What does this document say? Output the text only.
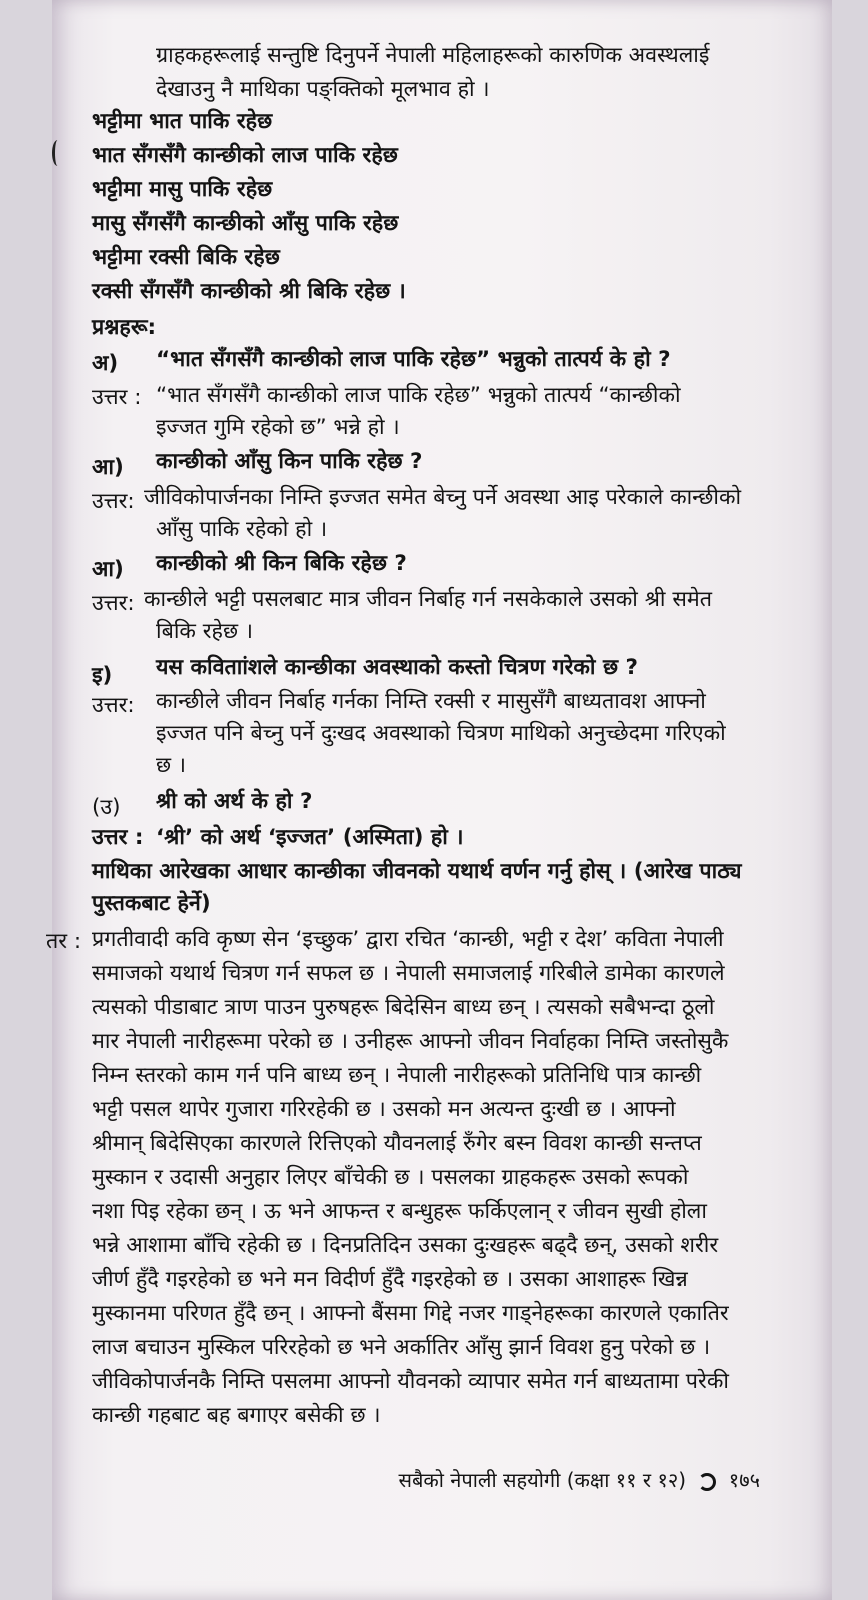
ग्राहकहरूलाई सन्तुष्टि दिनुपर्ने नेपाली महिलाहरूको कारुणिक अवस्थलाई
देखाउनु नै माथिका पङ्क्तिको मूलभाव हो ।
भट्टीमा भात पाकि रहेछ
भात सँगसँगै कान्छीको लाज पाकि रहेछ
भट्टीमा मासु पाकि रहेछ
मासु सँगसँगै कान्छीको आँसु पाकि रहेछ
भट्टीमा रक्सी बिकि रहेछ
रक्सी सँगसँगै कान्छीको श्री बिकि रहेछ ।
प्रश्नहरू:
अ) “भात सँगसँगै कान्छीको लाज पाकि रहेछ” भन्नुको तात्पर्य के हो ?
उत्तर : “भात सँगसँगै कान्छीको लाज पाकि रहेछ” भन्नुको तात्पर्य “कान्छीको
इज्जत गुमि रहेको छ” भन्ने हो ।
आ) कान्छीको आँसु किन पाकि रहेछ ?
उत्तर: जीविकोपार्जनका निम्ति इज्जत समेत बेच्नु पर्ने अवस्था आइ परेकाले कान्छीको
आँसु पाकि रहेको हो ।
आ) कान्छीको श्री किन बिकि रहेछ ?
उत्तर: कान्छीले भट्टी पसलबाट मात्र जीवन निर्बाह गर्न नसकेकाले उसको श्री समेत
बिकि रहेछ ।
इ) यस कविताांशले कान्छीका अवस्थाको कस्तो चित्रण गरेको छ ?
उत्तर: कान्छीले जीवन निर्बाह गर्नका निम्ति रक्सी र मासुसँगै बाध्यतावश आफ्नो
इज्जत पनि बेच्नु पर्ने दुःखद अवस्थाको चित्रण माथिको अनुच्छेदमा गरिएको
छ ।
(उ) श्री को अर्थ के हो ?
उत्तर : ‘श्री’ को अर्थ ‘इज्जत’ (अस्मिता) हो ।
माथिका आरेखका आधार कान्छीका जीवनको यथार्थ वर्णन गर्नु होस् । (आरेख पाठ्य
पुस्तकबाट हेर्ने)
तर : प्रगतीवादी कवि कृष्ण सेन ‘इच्छुक’ द्वारा रचित ‘कान्छी, भट्टी र देश’ कविता नेपाली
समाजको यथार्थ चित्रण गर्न सफल छ । नेपाली समाजलाई गरिबीले डामेका कारणले
त्यसको पीडाबाट त्राण पाउन पुरुषहरू बिदेसिन बाध्य छन् । त्यसको सबैभन्दा ठूलो
मार नेपाली नारीहरूमा परेको छ । उनीहरू आफ्नो जीवन निर्वाहका निम्ति जस्तोसुकै
निम्न स्तरको काम गर्न पनि बाध्य छन् । नेपाली नारीहरूको प्रतिनिधि पात्र कान्छी
भट्टी पसल थापेर गुजारा गरिरहेकी छ । उसको मन अत्यन्त दुःखी छ । आफ्नो
श्रीमान् बिदेसिएका कारणले रित्तिएको यौवनलाई रुँगेर बस्न विवश कान्छी सन्तप्त
मुस्कान र उदासी अनुहार लिएर बाँचेकी छ । पसलका ग्राहकहरू उसको रूपको
नशा पिइ रहेका छन् । ऊ भने आफन्त र बन्धुहरू फर्किएलान् र जीवन सुखी होला
भन्ने आशामा बाँचि रहेकी छ । दिनप्रतिदिन उसका दुःखहरू बढ्दै छन्, उसको शरीर
जीर्ण हुँदै गइरहेको छ भने मन विदीर्ण हुँदै गइरहेको छ । उसका आशाहरू खिन्न
मुस्कानमा परिणत हुँदै छन् । आफ्नो बैंसमा गिद्दे नजर गाड्नेहरूका कारणले एकातिर
लाज बचाउन मुस्किल परिरहेको छ भने अर्कातिर आँसु झार्न विवश हुनु परेको छ ।
जीविकोपार्जनकै निम्ति पसलमा आफ्नो यौवनको व्यापार समेत गर्न बाध्यतामा परेकी
कान्छी गहबाट बह बगाएर बसेकी छ ।
सबैको नेपाली सहयोगी (कक्षा ११ र १२) १७५
